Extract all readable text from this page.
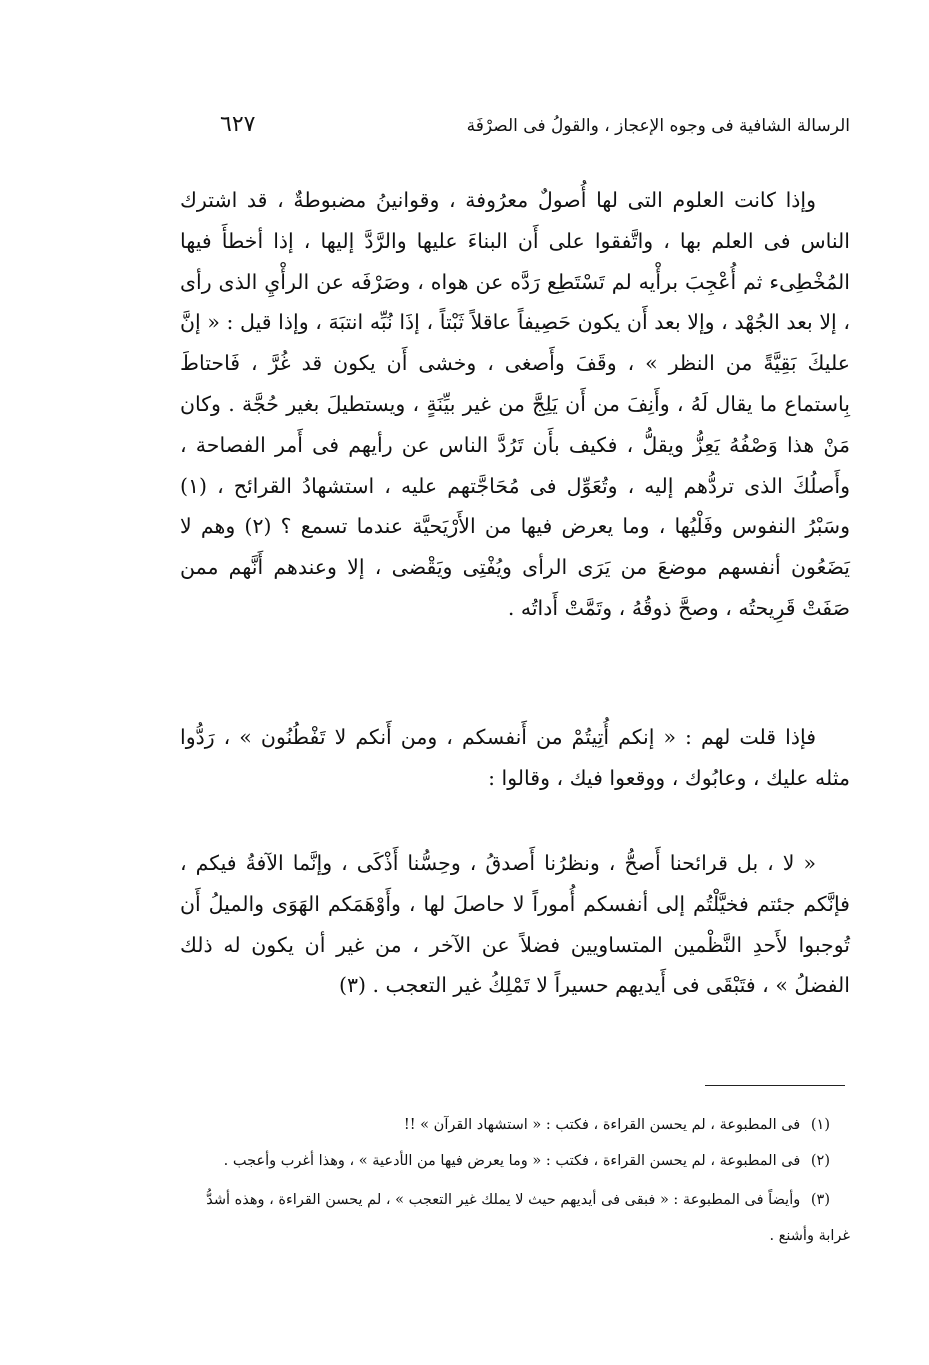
٦٢٧	الرسالة الشافية فى وجوه الإعجاز ، والقولُ فى الصرْفَة

وإذا كانت العلوم التى لها أُصولٌ معرُوفة ، وقوانينُ مضبوطةٌ ، قد اشترك الناس فى العلم بها ، واتَّفقوا على أَن البناءَ عليها والرَّدَّ إليها ، إذا أخطأَ فيها المُخْطِىء ثم أُعْجِبَ برأْيه لم تَسْتَطِع رَدَّه عن هواه ، وصَرْفَه عن الرأْيِ الذى رأى ، إلا بعد الجُهْد ، وإلا بعد أَن يكون حَصِيفاً عاقلاً ثَبْتاً ، إذَا نُبِّه انتبَهَ ، وإذا قيل : « إنَّ عليكَ بَقِيَّةً من النظر » ، وقَفَ وأَصغى ، وخشى أَن يكون قد غُرَّ ، فَاحتاطَ بِاستماع ما يقال لَهُ ، وأَنِفَ من أَن يَلِجَّ من غير بيِّنَةٍ ، ويستطيلَ بغير حُجَّة . وكان مَنْ هذا وَصْفُهُ يَعِزُّ ويقلُّ ، فكيف بأَن تَرُدَّ الناس عن رأيهم فى أَمر الفصاحة ، وأَصلُكَ الذى تردُّهم إليه ، وتُعَوِّل فى مُحَاجَّتهم عليه ، استشهادُ القرائح ، (١) وسَبْرُ النفوس وفَلْيُها ، وما يعرض فيها من الأَرْيَحيَّة عندما تسمع ؟ (٢) وهم لا يَضَعُون أنفسهم موضعَ من يَرَى الرأى ويُفْتِى ويَقْضى ، إلا وعندهم أَنَّهم ممن صَفَتْ قَرِيحتُه ، وصحَّ ذوقُهُ ، وتَمَّتْ أَداتُه .

فإذا قلت لهم : « إنكم أُتِيتُمْ من أَنفسكم ، ومن أَنكم لا تَفْطُنُون » ، رَدُّوا مثله عليك ، وعابُوك ، ووقعوا فيك ، وقالوا :

« لا ، بل قرائحنا أَصحُّ ، ونظرُنا أَصدقُ ، وحِسُّنا أَذْكَى ، وإنَّما الآفةُ فيكم ، فإنَّكم جئتم فخيَّلْتُم إلى أنفسكم أُموراً لا حاصلَ لها ، وأَوْهَمَكم الهَوَى والميلُ أَن تُوجبوا لأَحدِ النَّظْمين المتساويين فضلاً عن الآخر ، من غير أن يكون له ذلك الفضلُ » ، فتَبْقَى فى أَيديهم حسيراً لا تَمْلِكُ غير التعجب . (٣)

(١) فى المطبوعة ، لم يحسن القراءة ، فكتب : « استشهاد القرآن » !!

(٢) فى المطبوعة ، لم يحسن القراءة ، فكتب : « وما يعرض فيها من الأدعية » ، وهذا أغرب وأعجب .

(٣) وأيضاً فى المطبوعة : « فبقى فى أيديهم حيث لا يملك غير التعجب » ، لم يحسن القراءة ، وهذه أشدُّ غرابة وأشنع .
